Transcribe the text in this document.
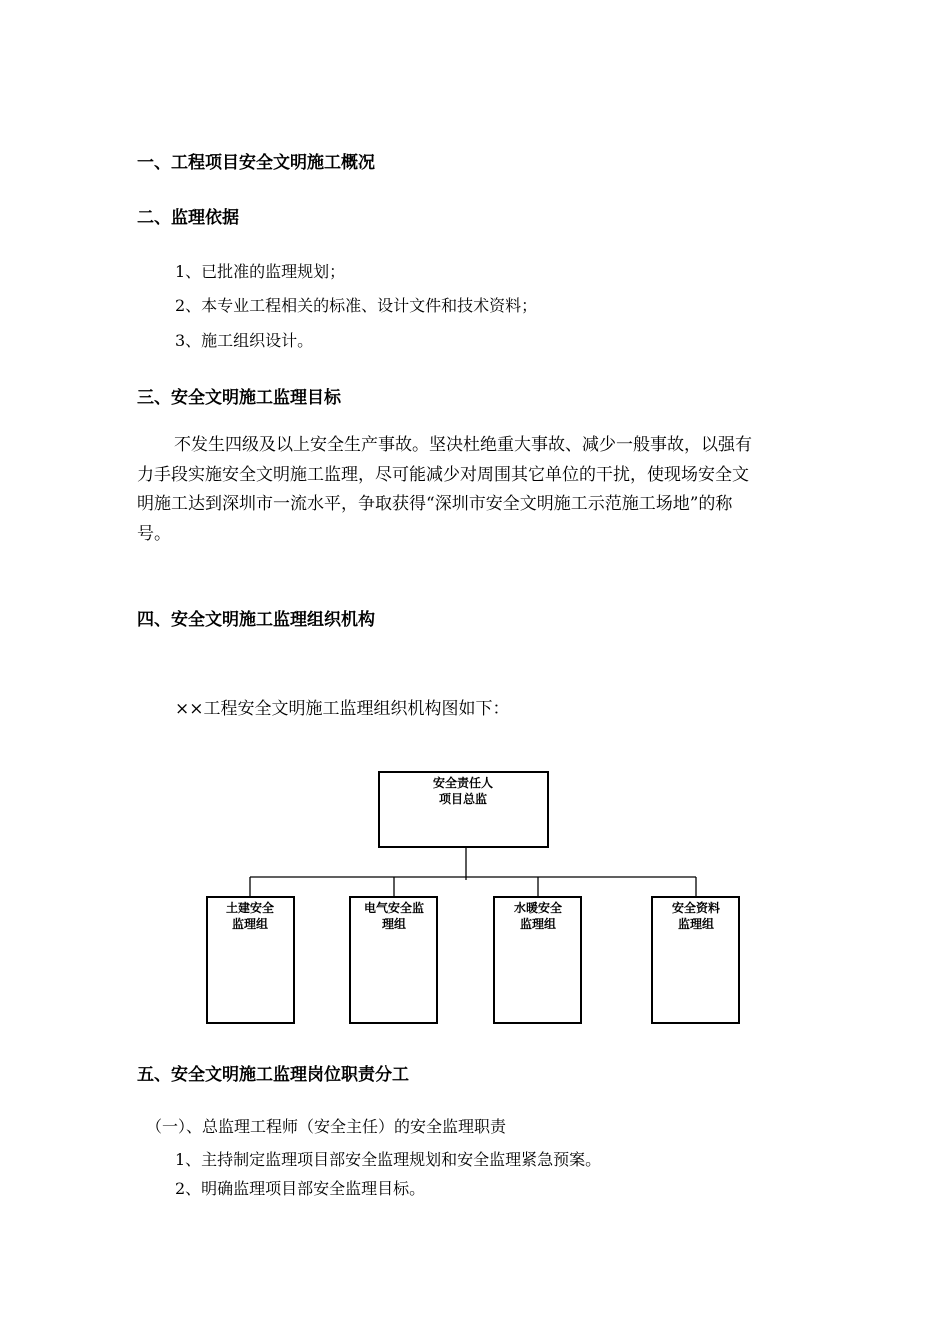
一、工程项目安全文明施工概况
二、监理依据
1、已批准的监理规划；
2、本专业工程相关的标准、设计文件和技术资料；
3、施工组织设计。
三、安全文明施工监理目标
不发生四级及以上安全生产事故。坚决杜绝重大事故、减少一般事故，以强有
力手段实施安全文明施工监理，尽可能减少对周围其它单位的干扰，使现场安全文
明施工达到深圳市一流水平，争取获得“深圳市安全文明施工示范施工场地”的称
号。
四、安全文明施工监理组织机构
××工程安全文明施工监理组织机构图如下：
安全责任人
项目总监
土建安全
监理组
电气安全监
理组
水暖安全
监理组
安全资料
监理组
五、安全文明施工监理岗位职责分工
（一）、总监理工程师（安全主任）的安全监理职责
1、主持制定监理项目部安全监理规划和安全监理紧急预案。
2、明确监理项目部安全监理目标。
